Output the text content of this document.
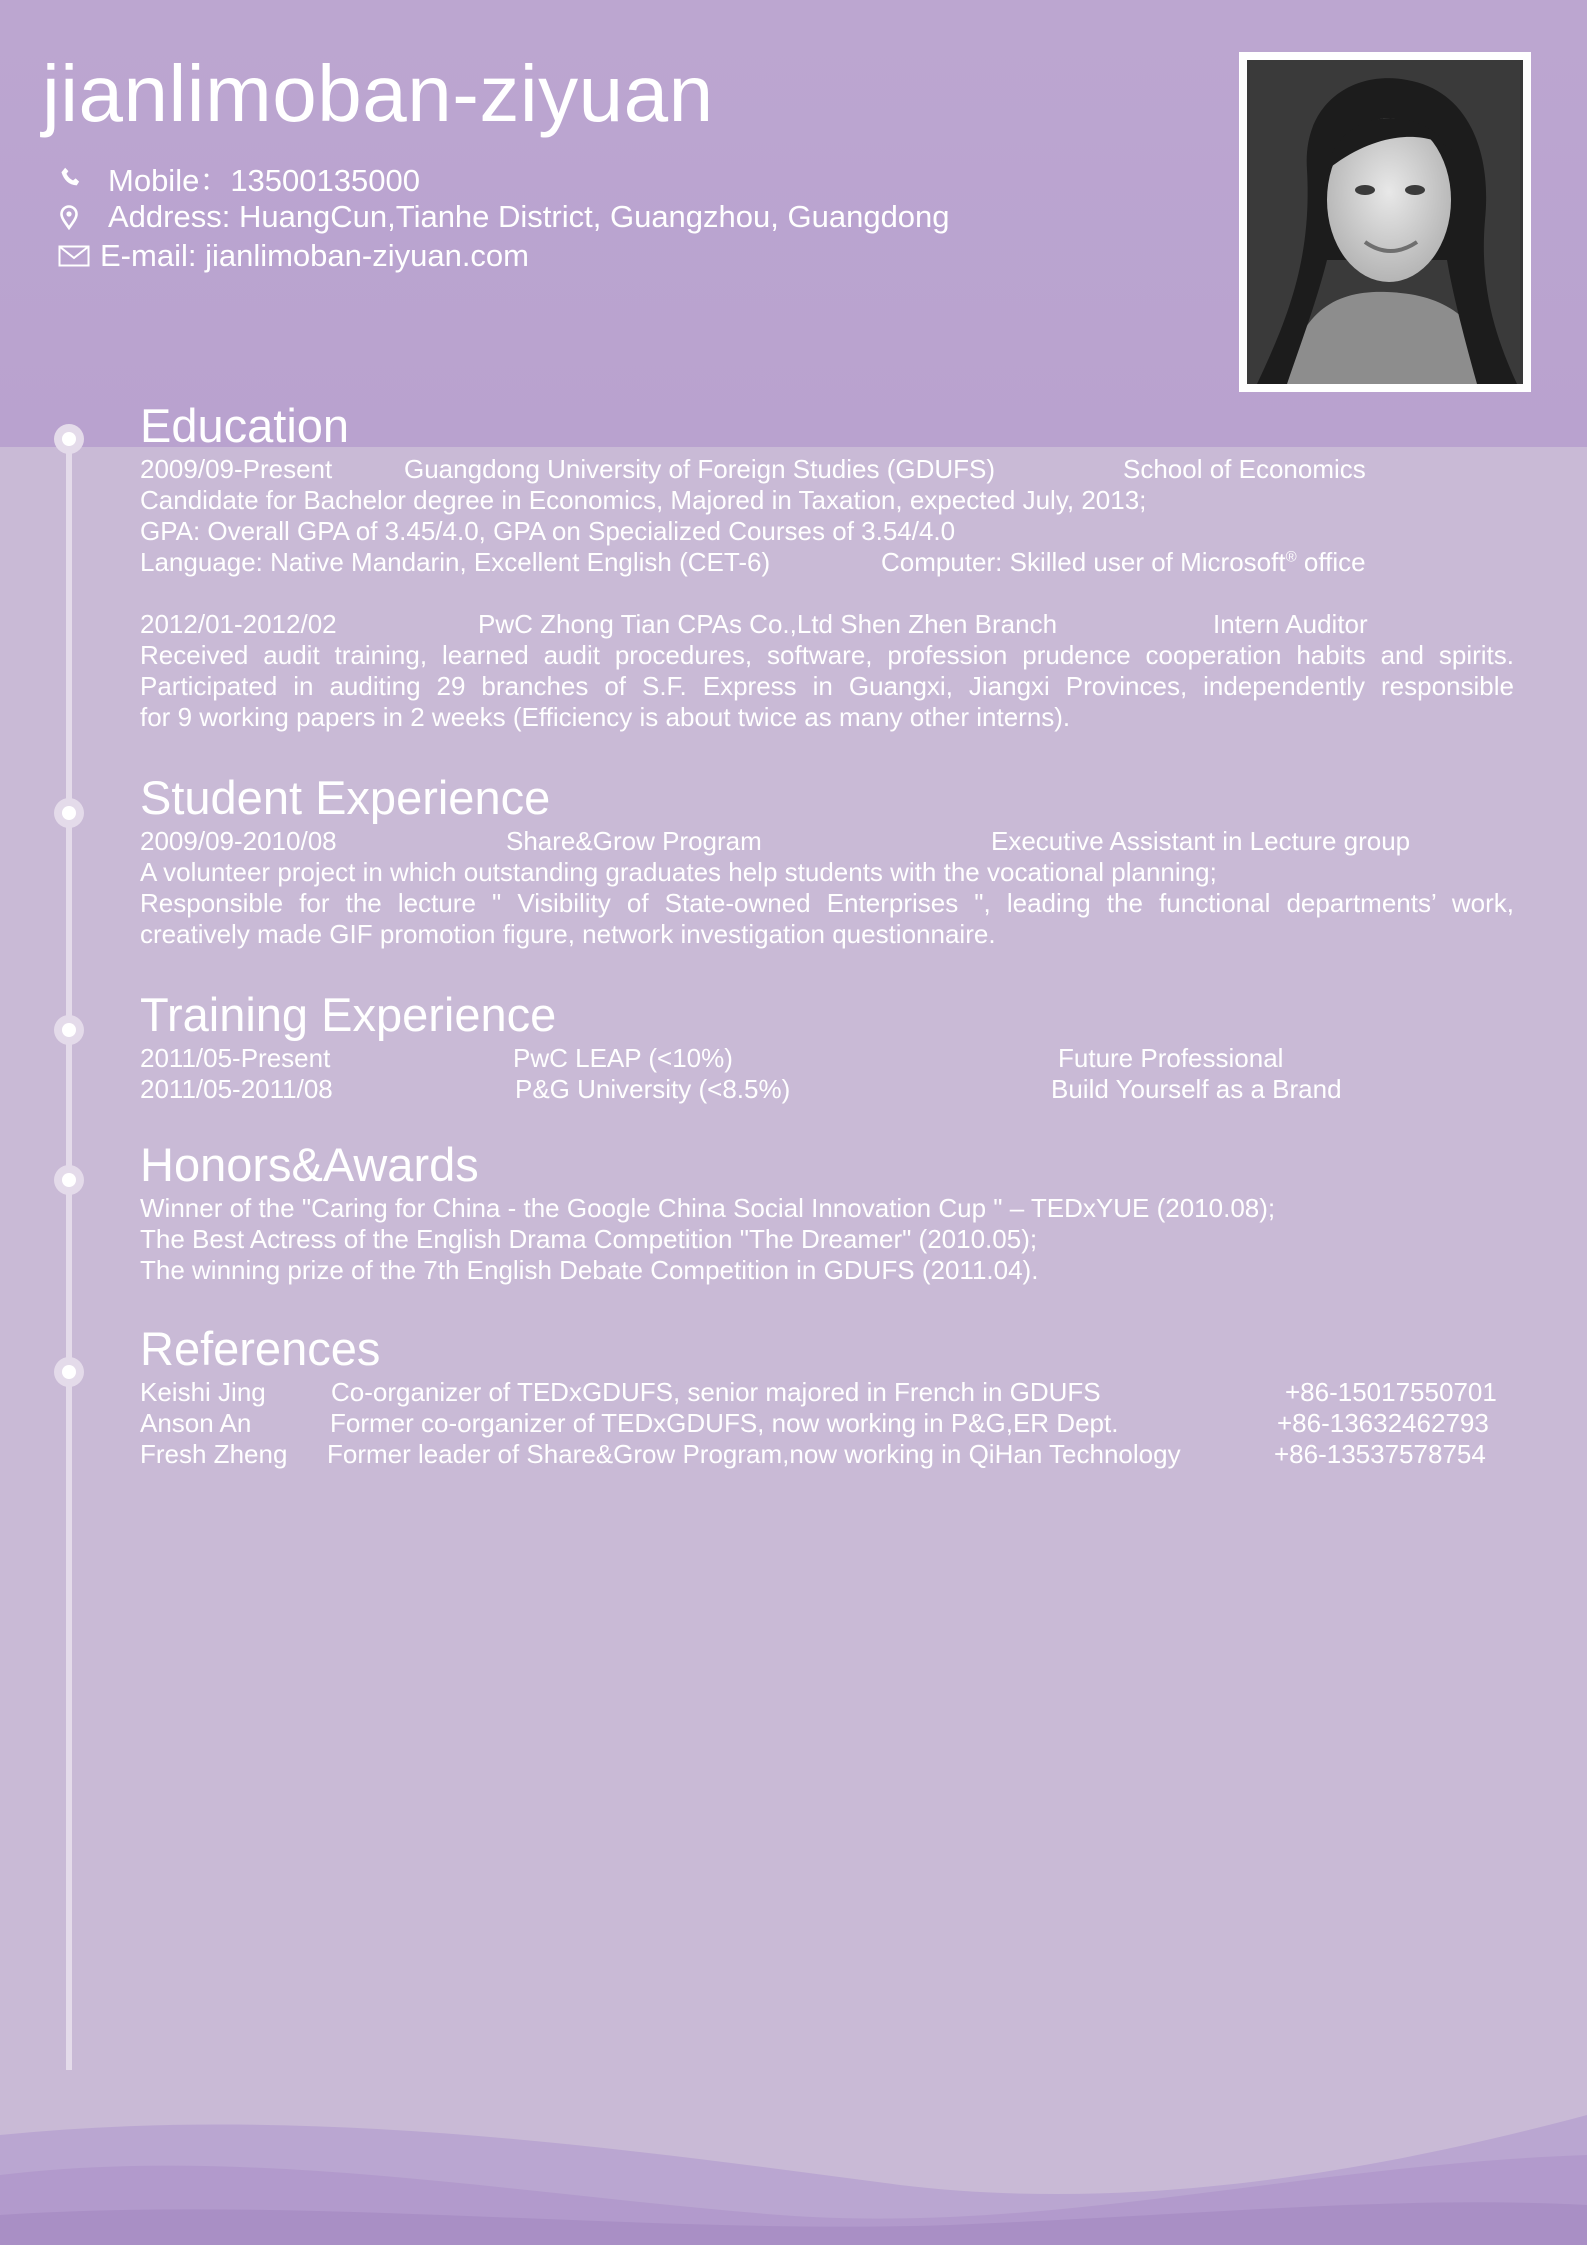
jianlimoban-ziyuan
Mobile：13500135000
Address: HuangCun,Tianhe District, Guangzhou, Guangdong
E-mail: jianlimoban-ziyuan.com
Education
2009/09-Present	Guangdong University of Foreign Studies (GDUFS)	School of Economics
Candidate for Bachelor degree in Economics, Majored in Taxation, expected July, 2013;
GPA: Overall GPA of 3.45/4.0, GPA on Specialized Courses of 3.54/4.0
Language: Native Mandarin, Excellent English (CET-6)	Computer: Skilled user of Microsoft® office
2012/01-2012/02	PwC Zhong Tian CPAs Co.,Ltd Shen Zhen Branch	Intern Auditor
Received audit training, learned audit procedures, software, profession prudence cooperation habits and spirits.
Participated in auditing 29 branches of S.F. Express in Guangxi, Jiangxi Provinces, independently responsible
for 9 working papers in 2 weeks (Efficiency is about twice as many other interns).
Student Experience
2009/09-2010/08	Share&Grow Program	Executive Assistant in Lecture group
A volunteer project in which outstanding graduates help students with the vocational planning;
Responsible for the lecture " Visibility of State-owned Enterprises ", leading the functional departments’ work,
creatively made GIF promotion figure, network investigation questionnaire.
Training Experience
2011/05-Present	PwC LEAP (<10%)	Future Professional
2011/05-2011/08	P&G University (<8.5%)	Build Yourself as a Brand
Honors&Awards
Winner of the "Caring for China - the Google China Social Innovation Cup " – TEDxYUE (2010.08);
The Best Actress of the English Drama Competition "The Dreamer" (2010.05);
The winning prize of the 7th English Debate Competition in GDUFS (2011.04).
References
Keishi Jing	Co-organizer of TEDxGDUFS, senior majored in French in GDUFS	+86-15017550701
Anson An	Former co-organizer of TEDxGDUFS, now working in P&G,ER Dept.	+86-13632462793
Fresh Zheng Former leader of Share&Grow Program,now working in QiHan Technology	+86-13537578754
